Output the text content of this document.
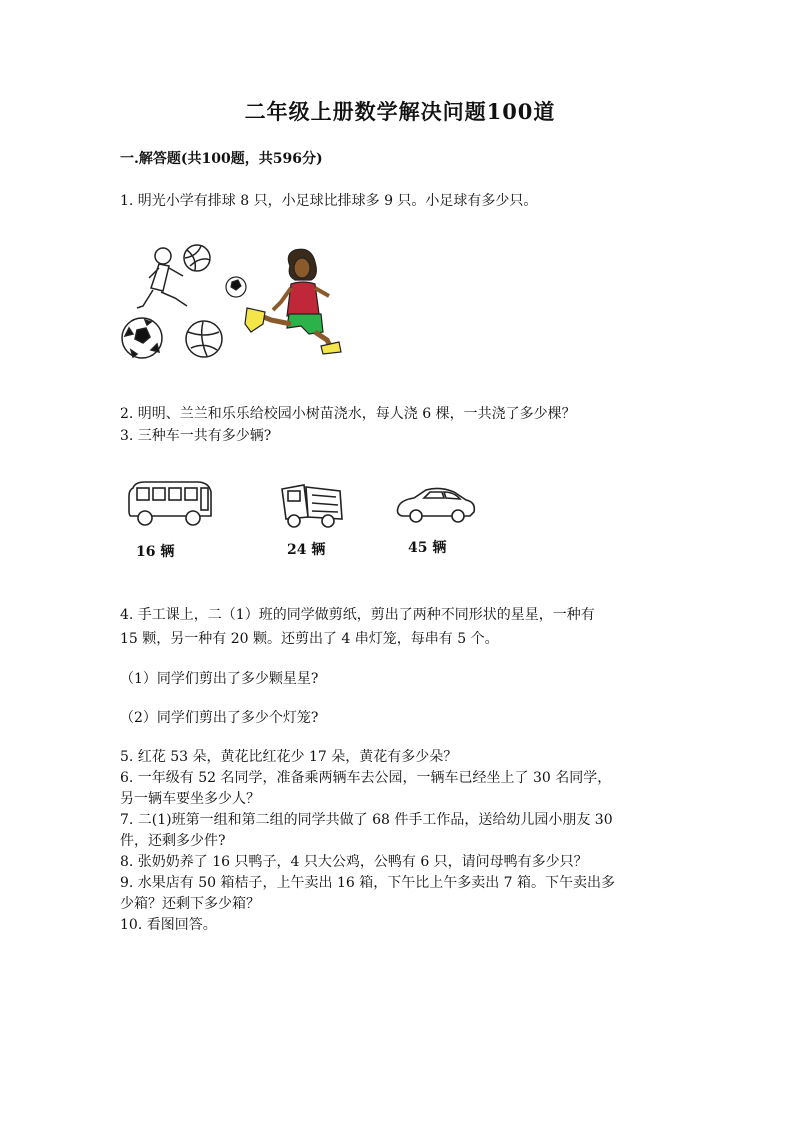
二年级上册数学解决问题100道
一.解答题(共100题，共596分)
1. 明光小学有排球 8 只，小足球比排球多 9 只。小足球有多少只。
2. 明明、兰兰和乐乐给校园小树苗浇水，每人浇 6 棵，一共浇了多少棵？
3. 三种车一共有多少辆?
16 辆	24 辆	45 辆
4. 手工课上，二（1）班的同学做剪纸，剪出了两种不同形状的星星，一种有
15 颗，另一种有 20 颗。还剪出了 4 串灯笼，每串有 5 个。
（1）同学们剪出了多少颗星星?
（2）同学们剪出了多少个灯笼?
5. 红花 53 朵，黄花比红花少 17 朵，黄花有多少朵？
6. 一年级有 52 名同学，准备乘两辆车去公园，一辆车已经坐上了 30 名同学，
另一辆车要坐多少人？
7. 二(1)班第一组和第二组的同学共做了 68 件手工作品，送给幼儿园小朋友 30
件，还剩多少件?
8. 张奶奶养了 16 只鸭子，4 只大公鸡，公鸭有 6 只，请问母鸭有多少只？
9. 水果店有 50 箱桔子，上午卖出 16 箱，下午比上午多卖出 7 箱。下午卖出多
少箱？还剩下多少箱？
10. 看图回答。
